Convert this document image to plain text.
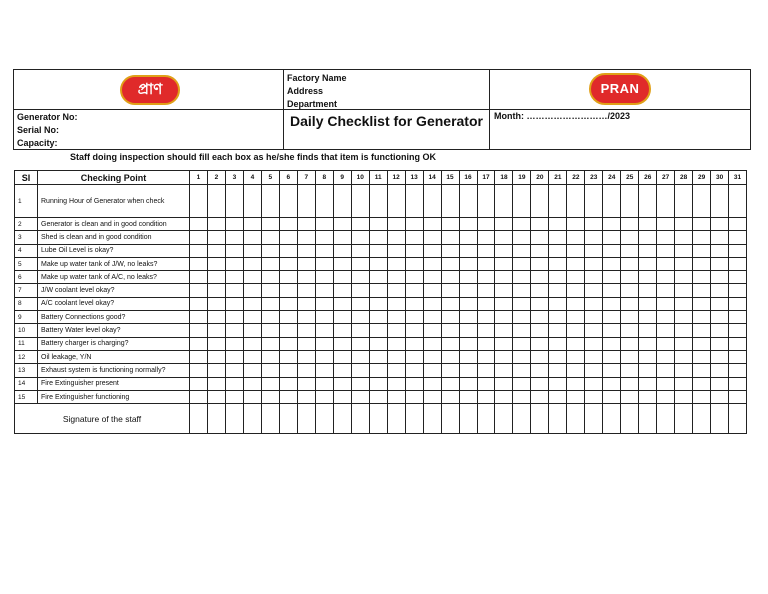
প্রাণ
Factory Name
Address
Department
PRAN
Generator No:
Serial No:
Capacity:
Daily Checklist for Generator	Month: ………………………/2023
Staff doing inspection should fill each box as he/she finds that item is functioning OK
SI	Checking Point	1	2	3	4	5	6	7	8	9	10	11	12	13	14	15	16	17	18	19	20	21	22	23	24	25	26	27	28	29	30	31
1	Running Hour of Generator when check																															
2	Generator is clean and in good condition																															
3	Shed is clean and in good condition																															
4	Lube Oil Level is okay?																															
5	Make up water tank of J/W, no leaks?																															
6	Make up water tank of A/C, no leaks?																															
7	J/W coolant level okay?																															
8	A/C coolant level okay?																															
9	Battery Connections good?																															
10	Battery Water level okay?																															
11	Battery charger is charging?																															
12	Oil leakage, Y/N																															
13	Exhaust system is functioning normally?																															
14	Fire Extinguisher present																															
15	Fire Extinguisher functioning																															
Signature of the staff																																
